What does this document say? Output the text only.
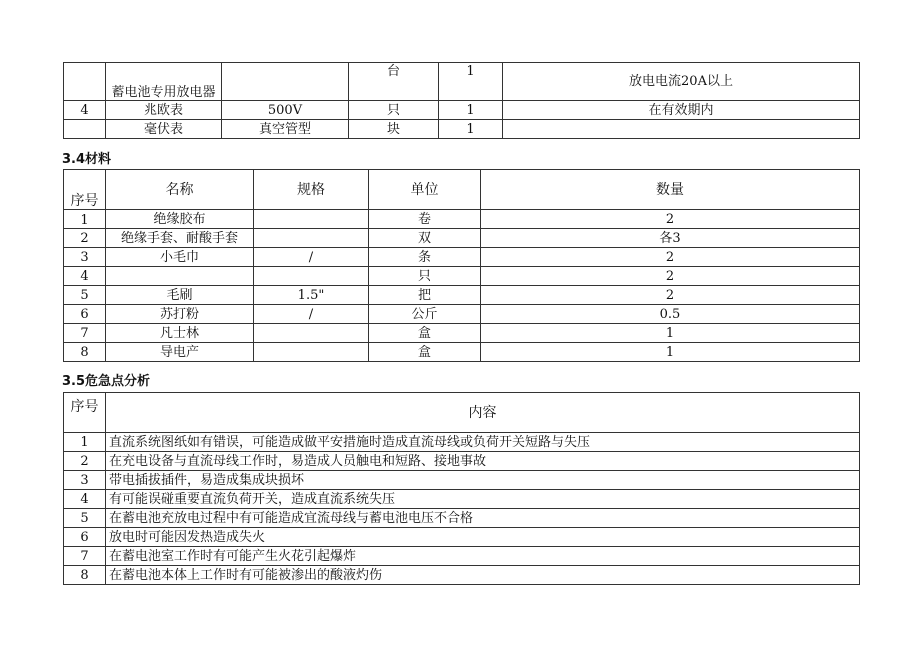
	蓄电池专用放电器		台	1	放电电流20A以上
4	兆欧表	500V	只	1	在有效期内
	毫伏表	真空管型	块	1	
3.4材料
序号	名称	规格	单位	数量
1	绝缘胶布		卷	2
2	绝缘手套、耐酸手套		双	各3
3	小毛巾	/	条	2
4			只	2
5	毛刷	1.5"	把	2
6	苏打粉	/	公斤	0.5
7	凡士林		盒	1
8	导电产		盒	1
3.5危急点分析
序号	内容
1	直流系统图纸如有错误，可能造成做平安措施时造成直流母线或负荷开关短路与失压
2	在充电设备与直流母线工作时，易造成人员触电和短路、接地事故
3	带电插拔插件，易造成集成块损坏
4	有可能误碰重要直流负荷开关，造成直流系统失压
5	在蓄电池充放电过程中有可能造成宜流母线与蓄电池电压不合格
6	放电时可能因发热造成失火
7	在蓄电池室工作时有可能产生火花引起爆炸
8	在蓄电池本体上工作时有可能被渗出的酸液灼伤
